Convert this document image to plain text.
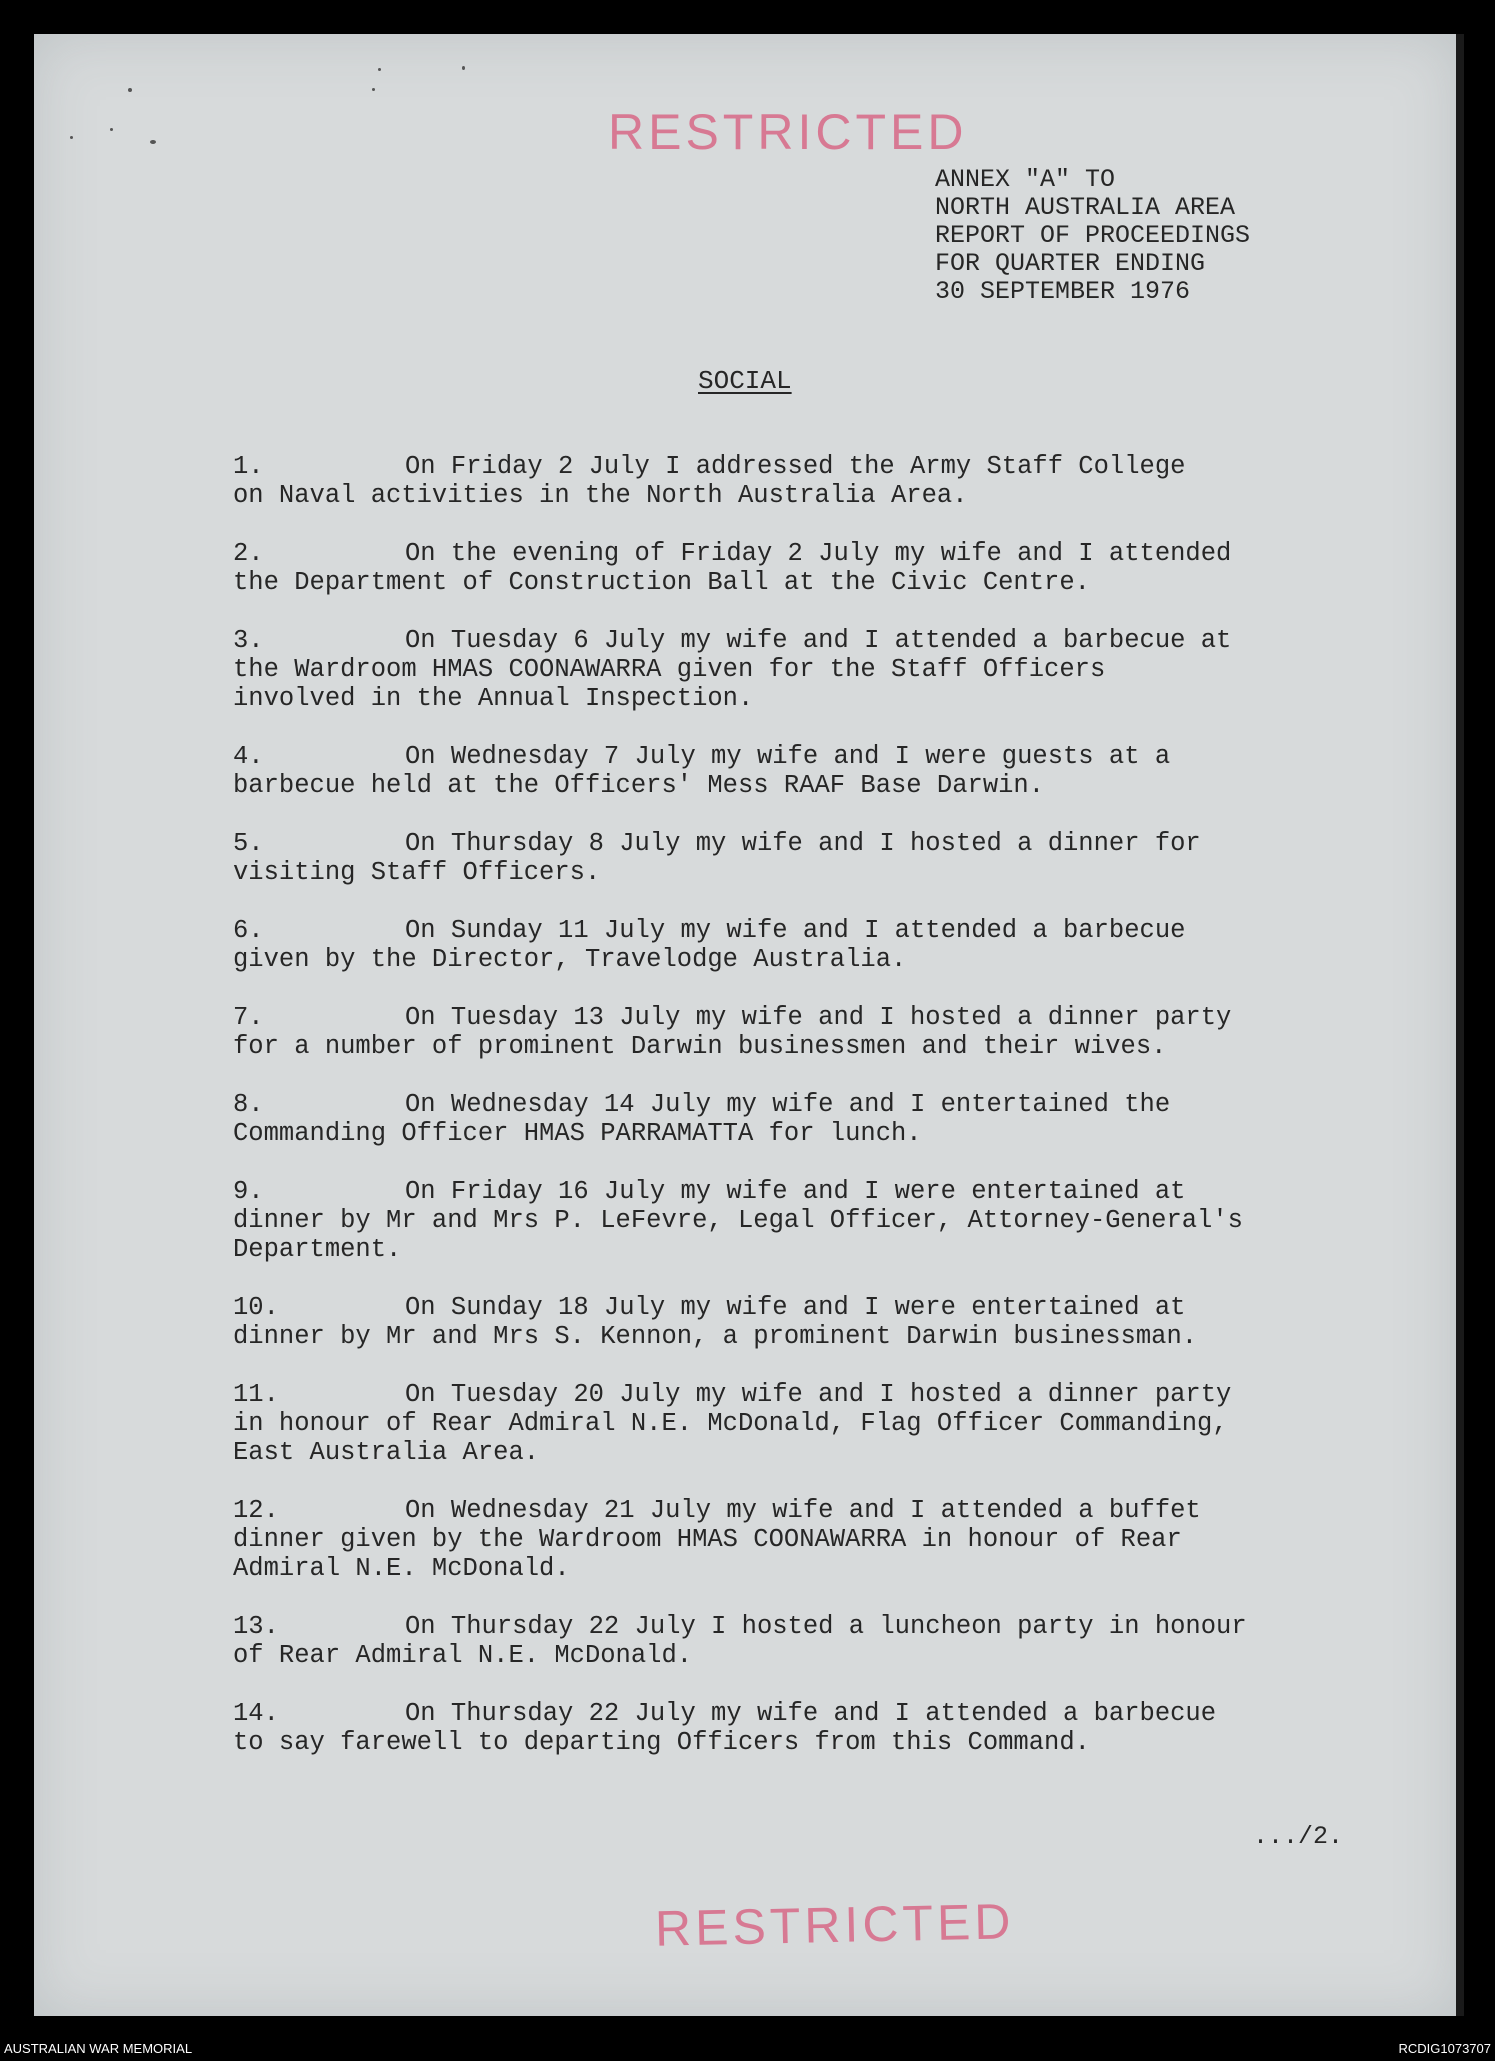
RESTRICTED
ANNEX "A" TO
NORTH AUSTRALIA AREA
REPORT OF PROCEEDINGS
FOR QUARTER ENDING
30 SEPTEMBER 1976
SOCIAL
1.	On Friday 2 July I addressed the Army Staff College
on Naval activities in the North Australia Area.
2.	On the evening of Friday 2 July my wife and I attended
the Department of Construction Ball at the Civic Centre.
3.	On Tuesday 6 July my wife and I attended a barbecue at
the Wardroom HMAS COONAWARRA given for the Staff Officers
involved in the Annual Inspection.
4.	On Wednesday 7 July my wife and I were guests at a
barbecue held at the Officers' Mess RAAF Base Darwin.
5.	On Thursday 8 July my wife and I hosted a dinner for
visiting Staff Officers.
6.	On Sunday 11 July my wife and I attended a barbecue
given by the Director, Travelodge Australia.
7.	On Tuesday 13 July my wife and I hosted a dinner party
for a number of prominent Darwin businessmen and their wives.
8.	On Wednesday 14 July my wife and I entertained the
Commanding Officer HMAS PARRAMATTA for lunch.
9.	On Friday 16 July my wife and I were entertained at
dinner by Mr and Mrs P. LeFevre, Legal Officer, Attorney-General's
Department.
10.	On Sunday 18 July my wife and I were entertained at
dinner by Mr and Mrs S. Kennon, a prominent Darwin businessman.
11.	On Tuesday 20 July my wife and I hosted a dinner party
in honour of Rear Admiral N.E. McDonald, Flag Officer Commanding,
East Australia Area.
12.	On Wednesday 21 July my wife and I attended a buffet
dinner given by the Wardroom HMAS COONAWARRA in honour of Rear
Admiral N.E. McDonald.
13.	On Thursday 22 July I hosted a luncheon party in honour
of Rear Admiral N.E. McDonald.
14.	On Thursday 22 July my wife and I attended a barbecue
to say farewell to departing Officers from this Command.
.../2.
RESTRICTED
AUSTRALIAN WAR MEMORIAL	RCDIG1073707
